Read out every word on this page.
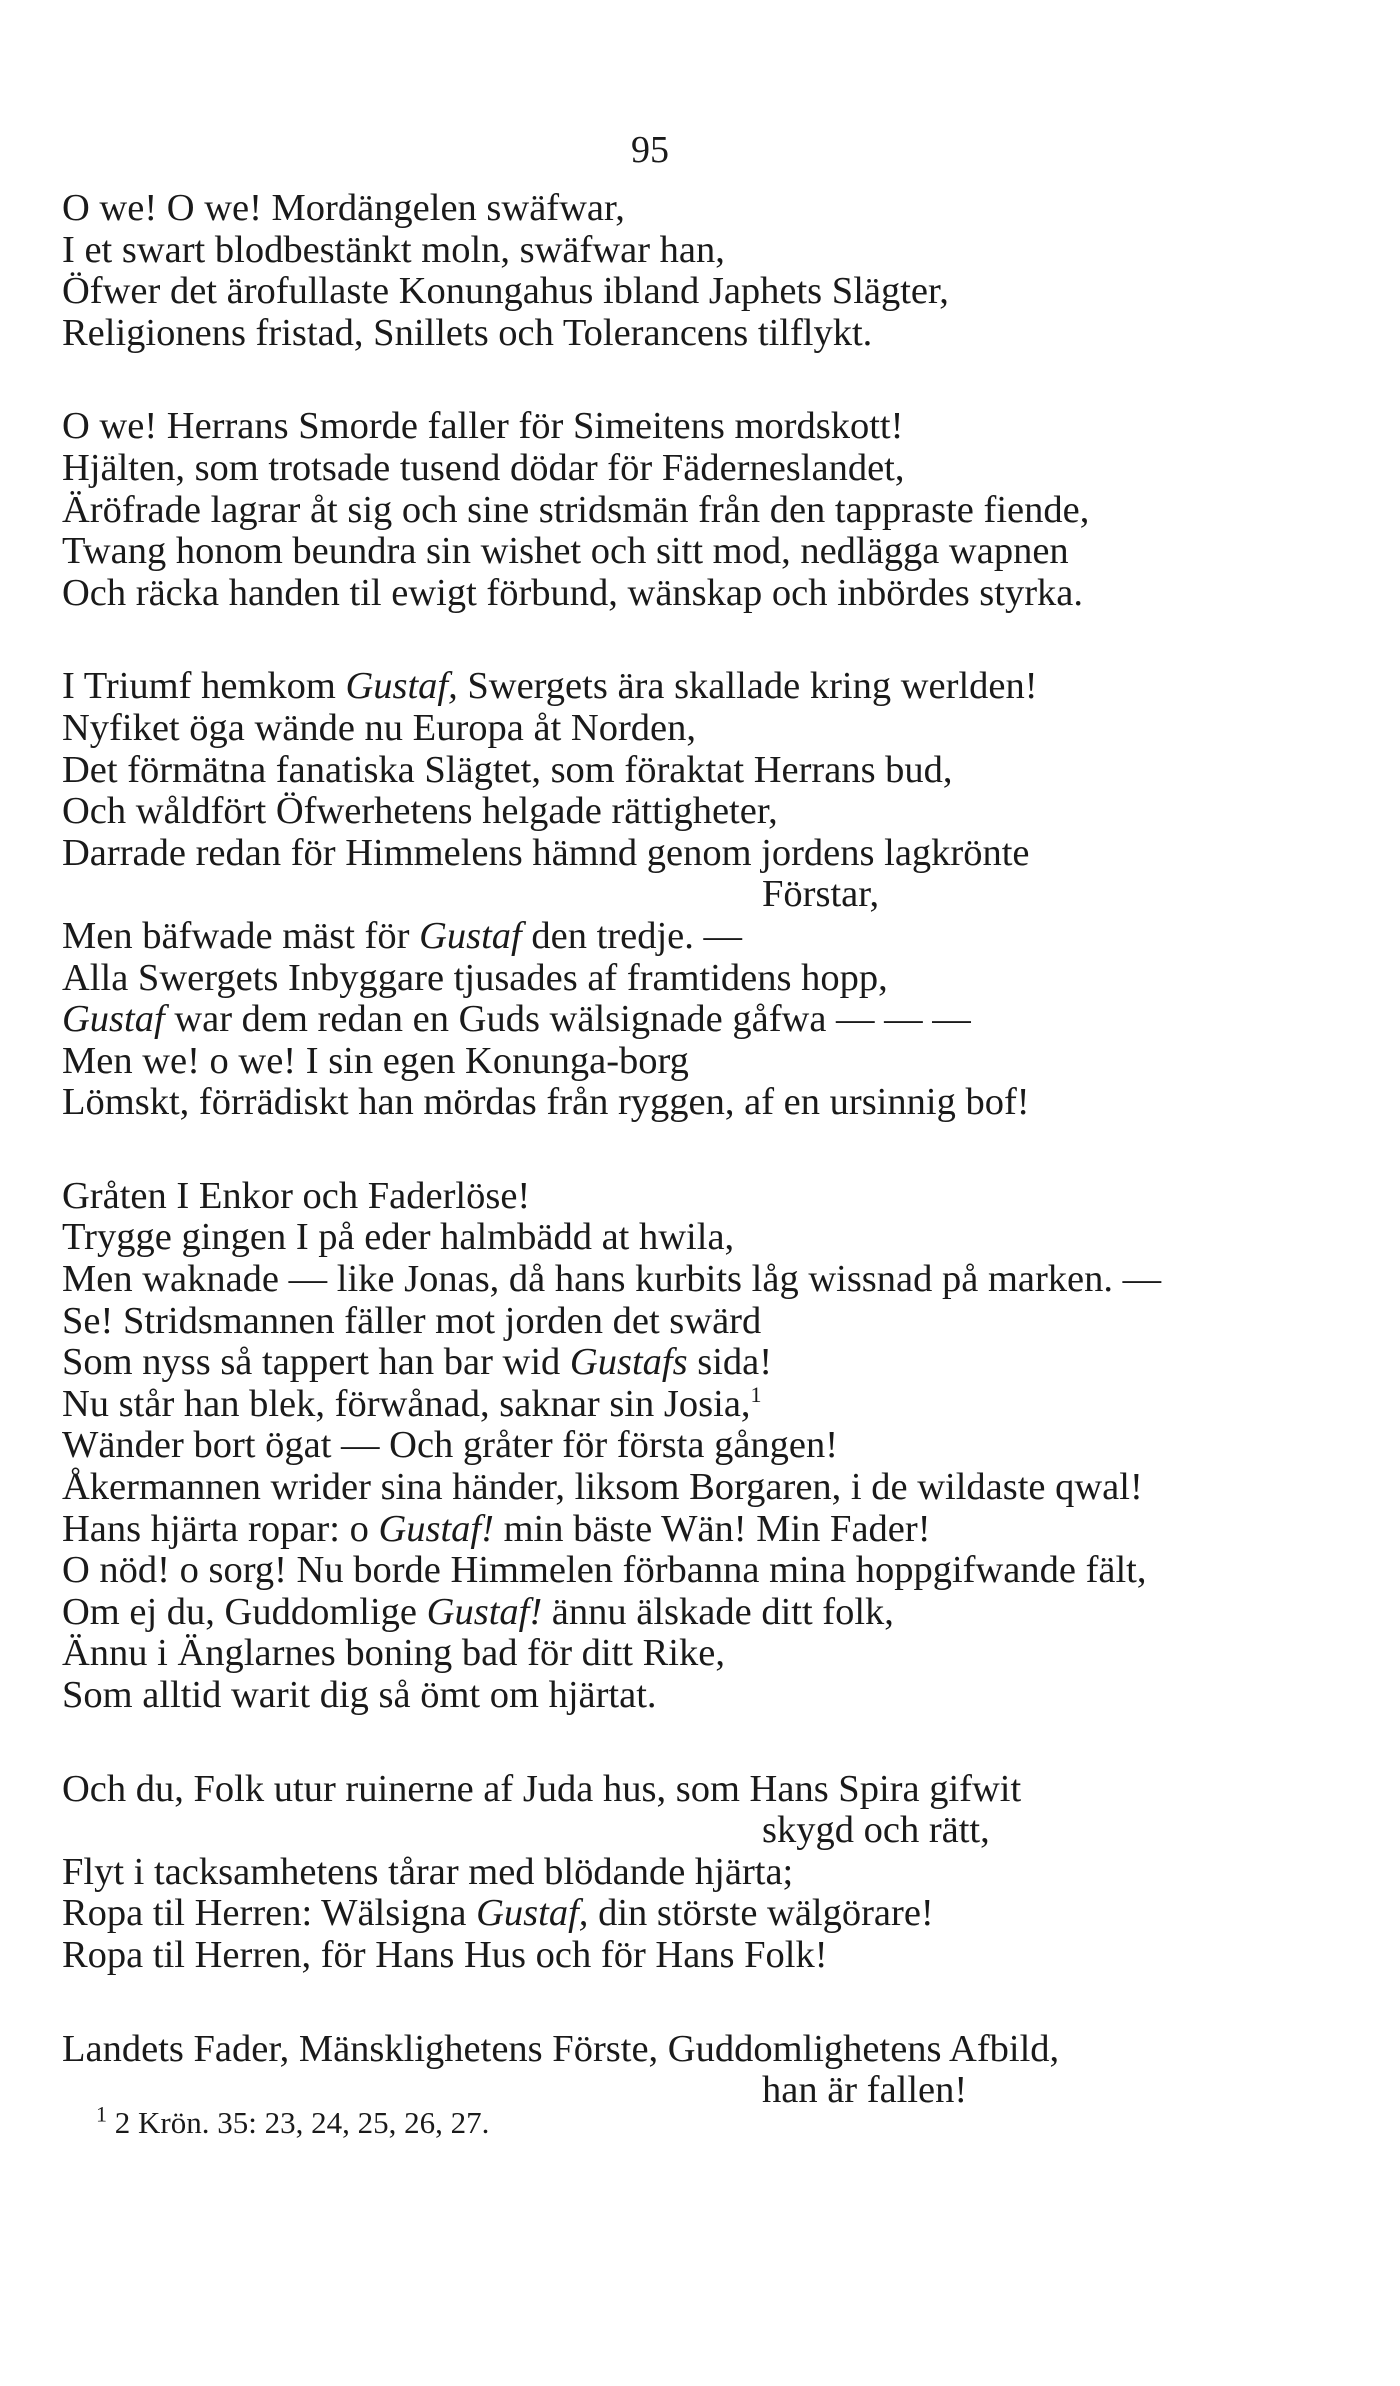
95
O we! O we! Mordängelen swäfwar,
I et swart blodbestänkt moln, swäfwar han,
Öfwer det ärofullaste Konungahus ibland Japhets Slägter,
Religionens fristad, Snillets och Tolerancens tilflykt.
O we! Herrans Smorde faller för Simeitens mordskott!
Hjälten, som trotsade tusend dödar för Fäderneslandet,
Äröfrade lagrar åt sig och sine stridsmän från den tappraste fiende,
Twang honom beundra sin wishet och sitt mod, nedlägga wapnen
Och räcka handen til ewigt förbund, wänskap och inbördes styrka.
I Triumf hemkom Gustaf, Swergets ära skallade kring werlden!
Nyfiket öga wände nu Europa åt Norden,
Det förmätna fanatiska Slägtet, som föraktat Herrans bud,
Och wåldfört Öfwerhetens helgade rättigheter,
Darrade redan för Himmelens hämnd genom jordens lagkrönte
Förstar,
Men bäfwade mäst för Gustaf den tredje. —
Alla Swergets Inbyggare tjusades af framtidens hopp,
Gustaf war dem redan en Guds wälsignade gåfwa — — —
Men we! o we! I sin egen Konunga-borg
Lömskt, förrädiskt han mördas från ryggen, af en ursinnig bof!
Gråten I Enkor och Faderlöse!
Trygge gingen I på eder halmbädd at hwila,
Men waknade — like Jonas, då hans kurbits låg wissnad på marken. —
Se! Stridsmannen fäller mot jorden det swärd
Som nyss så tappert han bar wid Gustafs sida!
Nu står han blek, förwånad, saknar sin Josia,$^1$
Wänder bort ögat — Och gråter för första gången!
Åkermannen wrider sina händer, liksom Borgaren, i de wildaste qwal!
Hans hjärta ropar: o Gustaf! min bäste Wän! Min Fader!
O nöd! o sorg! Nu borde Himmelen förbanna mina hoppgifwande fält,
Om ej du, Guddomlige Gustaf! ännu älskade ditt folk,
Ännu i Änglarnes boning bad för ditt Rike,
Som alltid warit dig så ömt om hjärtat.
Och du, Folk utur ruinerne af Juda hus, som Hans Spira gifwit
skygd och rätt,
Flyt i tacksamhetens tårar med blödande hjärta;
Ropa til Herren: Wälsigna Gustaf, din störste wälgörare!
Ropa til Herren, för Hans Hus och för Hans Folk!
Landets Fader, Mänsklighetens Förste, Guddomlighetens Afbild,
han är fallen!
$^1$ 2 Krön. 35: 23, 24, 25, 26, 27.
